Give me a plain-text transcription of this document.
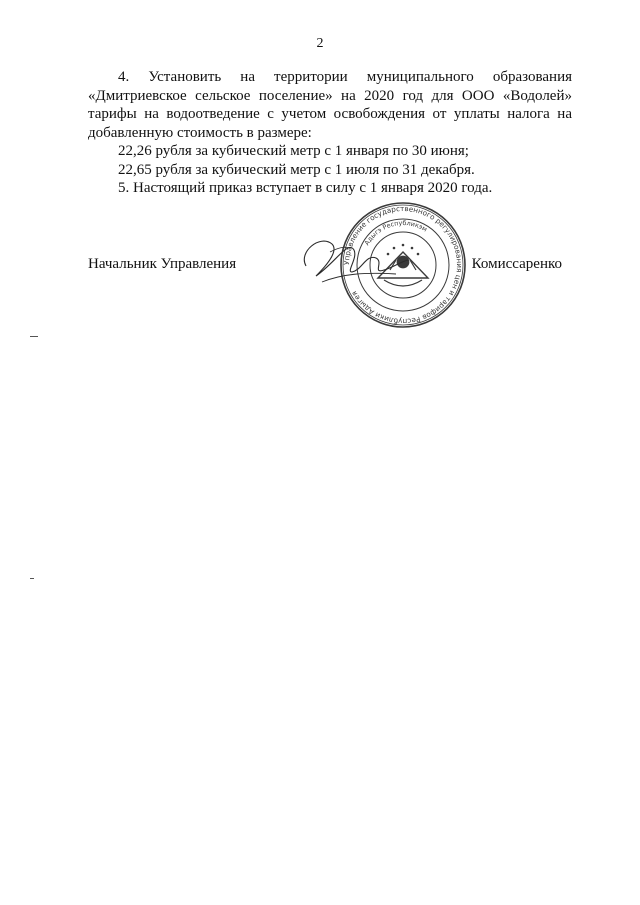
2
4. Установить на территории муниципального образования
«Дмитриевское сельское поселение» на 2020 год для ООО «Водолей»
тарифы на водоотведение с учетом освобождения от уплаты налога на
добавленную стоимость в размере:
22,26 рубля за кубический метр с 1 января по 30 июня;
22,65 рубля за кубический метр с 1 июля по 31 декабря.
5. Настоящий приказ вступает в силу с 1 января 2020 года.
Управление государственного регулирования цен и тарифов Республики Адыгея
Адыгэ Республикэм
Начальник Управления	Комиссаренко
